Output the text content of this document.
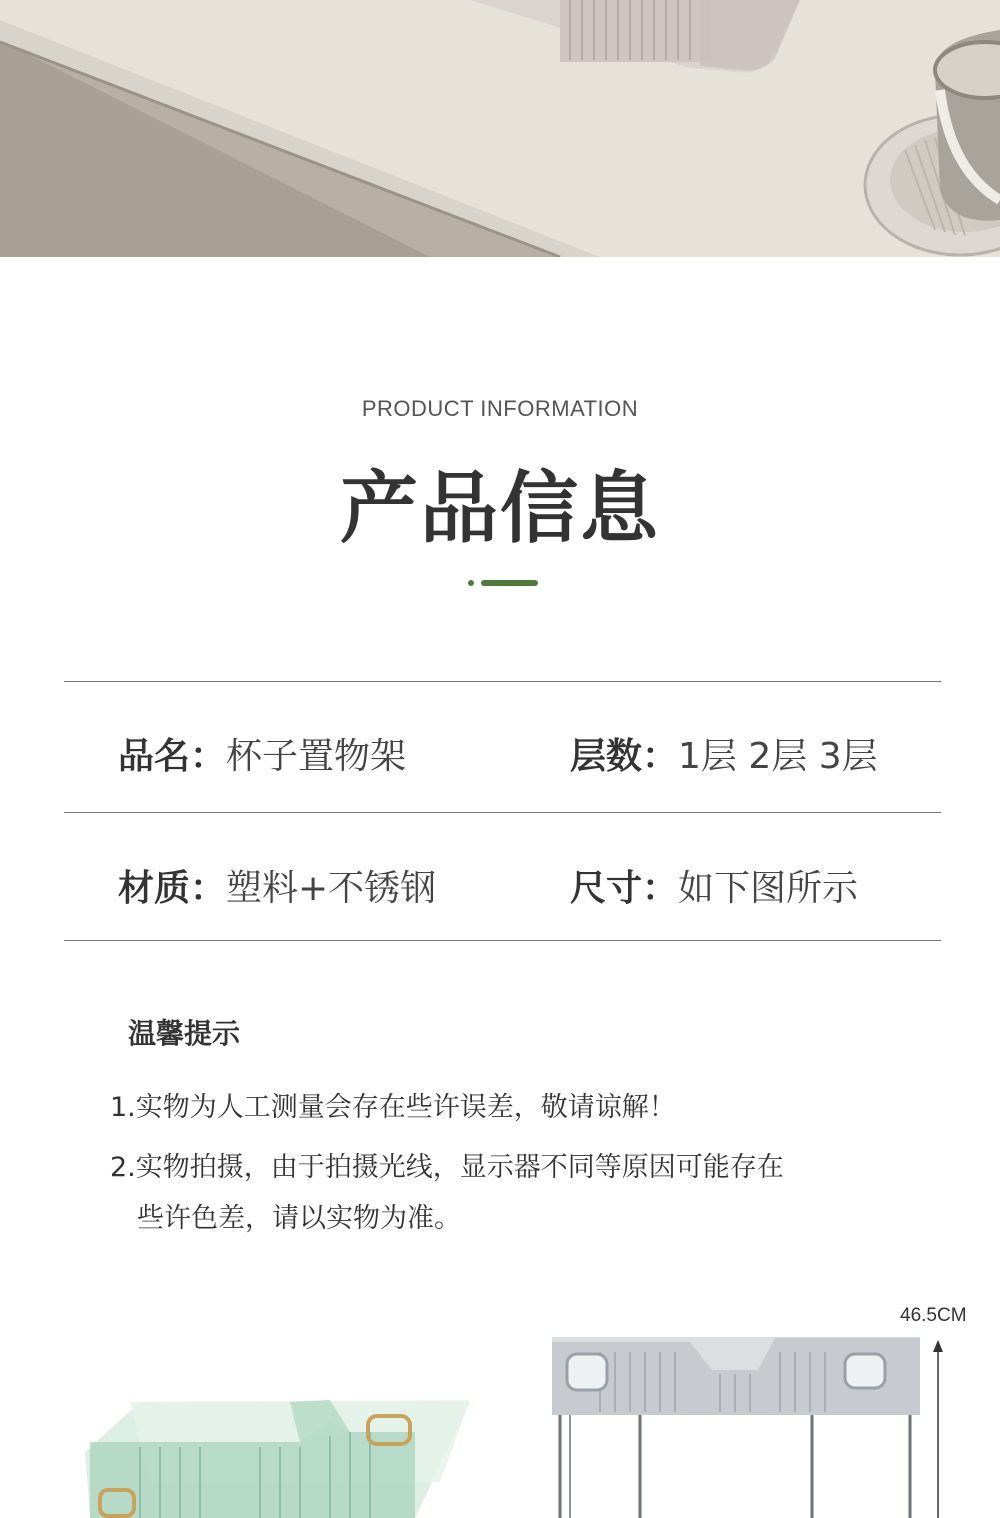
PRODUCT INFORMATION
产品信息
品名：杯子置物架	层数：1层 2层 3层
材质：塑料+不锈钢	尺寸：如下图所示
温馨提示
1.实物为人工测量会存在些许误差，敬请谅解！
2.实物拍摄，由于拍摄光线，显示器不同等原因可能存在
些许色差，请以实物为准。
46.5CM
